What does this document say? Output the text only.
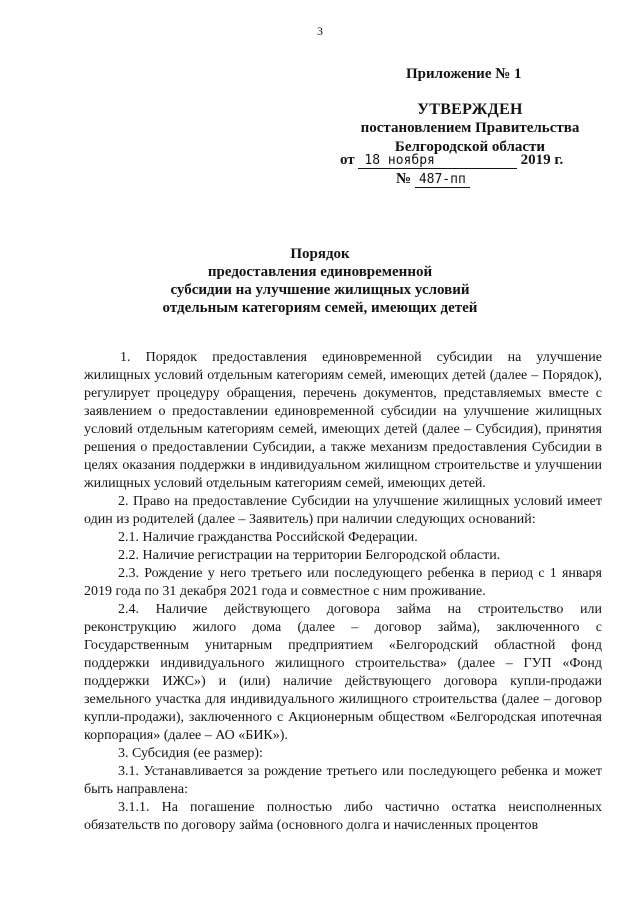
3
Приложение № 1
УТВЕРЖДЕН
постановлением Правительства
Белгородской области
от 18 ноября	2019 г.
№ 487-пп
Порядок
предоставления единовременной
субсидии на улучшение жилищных условий
отдельным категориям семей, имеющих детей

1. Порядок предоставления единовременной субсидии на улучшение жилищных условий отдельным категориям семей, имеющих детей (далее – Порядок), регулирует процедуру обращения, перечень документов, представляемых вместе с заявлением о предоставлении единовременной субсидии на улучшение жилищных условий отдельным категориям семей, имеющих детей (далее – Субсидия), принятия решения о предоставлении Субсидии, а также механизм предоставления Субсидии в целях оказания поддержки в индивидуальном жилищном строительстве и улучшении жилищных условий отдельным категориям семей, имеющих детей.

2. Право на предоставление Субсидии на улучшение жилищных условий имеет один из родителей (далее – Заявитель) при наличии следующих оснований:

2.1. Наличие гражданства Российской Федерации.

2.2. Наличие регистрации на территории Белгородской области.

2.3. Рождение у него третьего или последующего ребенка в период с 1 января 2019 года по 31 декабря 2021 года и совместное с ним проживание.

2.4. Наличие действующего договора займа на строительство или реконструкцию жилого дома (далее – договор займа), заключенного с Государственным унитарным предприятием «Белгородский областной фонд поддержки индивидуального жилищного строительства» (далее – ГУП «Фонд поддержки ИЖС») и (или) наличие действующего договора купли-продажи земельного участка для индивидуального жилищного строительства (далее – договор купли-продажи), заключенного с Акционерным обществом «Белгородская ипотечная корпорация» (далее – АО «БИК»).

3. Субсидия (ее размер):

3.1. Устанавливается за рождение третьего или последующего ребенка и может быть направлена:

3.1.1. На погашение полностью либо частично остатка неисполненных обязательств по договору займа (основного долга и начисленных процентов
